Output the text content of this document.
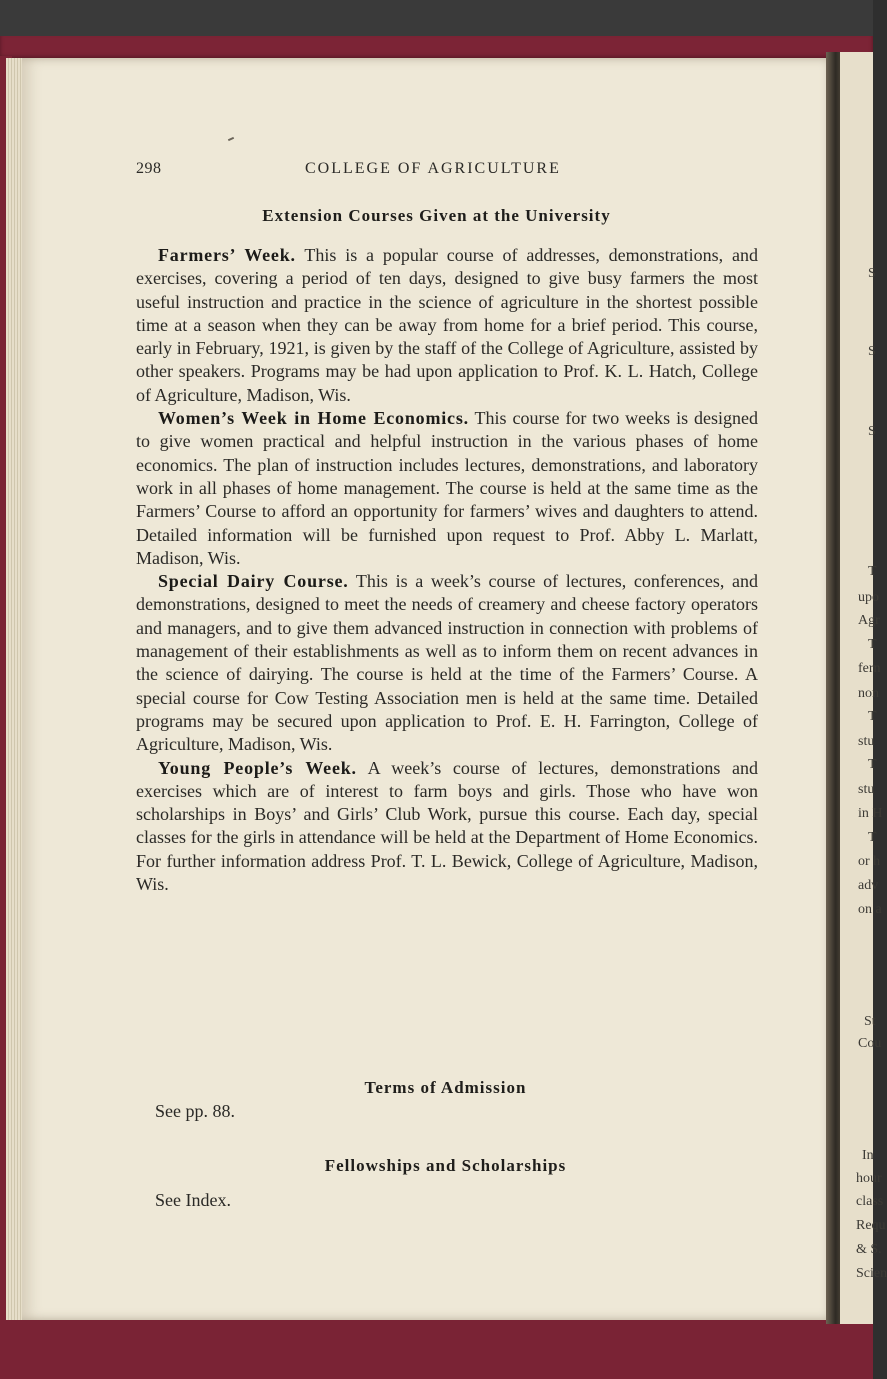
S
S
S
T
upo
Agr
T
fern
non
T
stu
T
stu
in H
T
or h
adv
on a
St
Cou
In
hour
class
Requ
& S.
Scien
298	COLLEGE OF AGRICULTURE
Extension Courses Given at the University

Farmers’ Week. This is a popular course of addresses, demonstrations, and exercises, covering a period of ten days, designed to give busy farmers the most useful instruction and practice in the science of agriculture in the shortest possible time at a season when they can be away from home for a brief period. This course, early in February, 1921, is given by the staff of the College of Agriculture, assisted by other speakers. Programs may be had upon application to Prof. K. L. Hatch, College of Agriculture, Madison, Wis.

Women’s Week in Home Economics. This course for two weeks is designed to give women practical and helpful instruction in the various phases of home economics. The plan of instruction includes lectures, demonstrations, and laboratory work in all phases of home management. The course is held at the same time as the Farmers’ Course to afford an opportunity for farmers’ wives and daughters to attend. Detailed information will be furnished upon request to Prof. Abby L. Marlatt, Madison, Wis.

Special Dairy Course. This is a week’s course of lectures, conferences, and demonstrations, designed to meet the needs of creamery and cheese factory operators and managers, and to give them advanced instruction in connection with problems of management of their establishments as well as to inform them on recent advances in the science of dairying. The course is held at the time of the Farmers’ Course. A special course for Cow Testing Association men is held at the same time. Detailed programs may be secured upon application to Prof. E. H. Farrington, College of Agriculture, Madison, Wis.

Young People’s Week. A week’s course of lectures, demonstrations and exercises which are of interest to farm boys and girls. Those who have won scholarships in Boys’ and Girls’ Club Work, pursue this course. Each day, special classes for the girls in attendance will be held at the Department of Home Economics. For further information address Prof. T. L. Bewick, College of Agriculture, Madison, Wis.

Terms of Admission
See pp. 88.
Fellowships and Scholarships
See Index.
